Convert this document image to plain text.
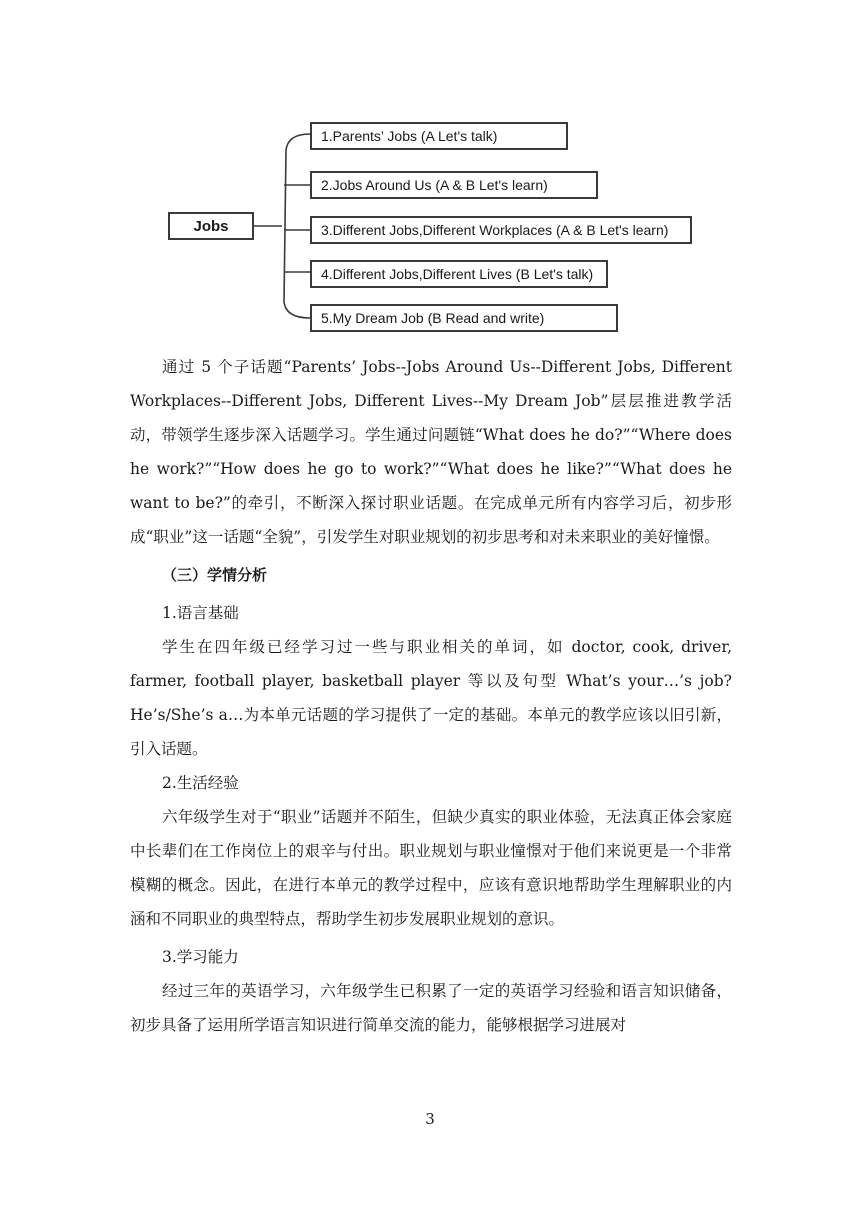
Jobs
1.Parents’ Jobs (A Let's talk)
2.Jobs Around Us (A & B Let's learn)
3.Different Jobs,Different Workplaces (A & B Let's learn)
4.Different Jobs,Different Lives (B Let's talk)
5.My Dream Job (B Read and write)

通过 5 个子话题“Parents’ Jobs--Jobs Around Us--Different Jobs, Different Workplaces--Different Jobs, Different Lives--My Dream Job”层层推进教学活动，带领学生逐步深入话题学习。学生通过问题链“What does he do?”“Where does he work?”“How does he go to work?”“What does he like?”“What does he want to be?”的牵引，不断深入探讨职业话题。在完成单元所有内容学习后，初步形成“职业”这一话题“全貌”，引发学生对职业规划的初步思考和对未来职业的美好憧憬。

（三）学情分析

1.语言基础

学生在四年级已经学习过一些与职业相关的单词，如 doctor, cook, driver, farmer, football player, basketball player 等以及句型 What’s your…’s job?

He’s/She’s a…为本单元话题的学习提供了一定的基础。本单元的教学应该以旧引新，引入话题。

2.生活经验

六年级学生对于“职业”话题并不陌生，但缺少真实的职业体验，无法真正体会家庭中长辈们在工作岗位上的艰辛与付出。职业规划与职业憧憬对于他们来说更是一个非常模糊的概念。因此，在进行本单元的教学过程中，应该有意识地帮助学生理解职业的内涵和不同职业的典型特点，帮助学生初步发展职业规划的意识。

3.学习能力

经过三年的英语学习，六年级学生已积累了一定的英语学习经验和语言知识储备，初步具备了运用所学语言知识进行简单交流的能力，能够根据学习进展对

3
